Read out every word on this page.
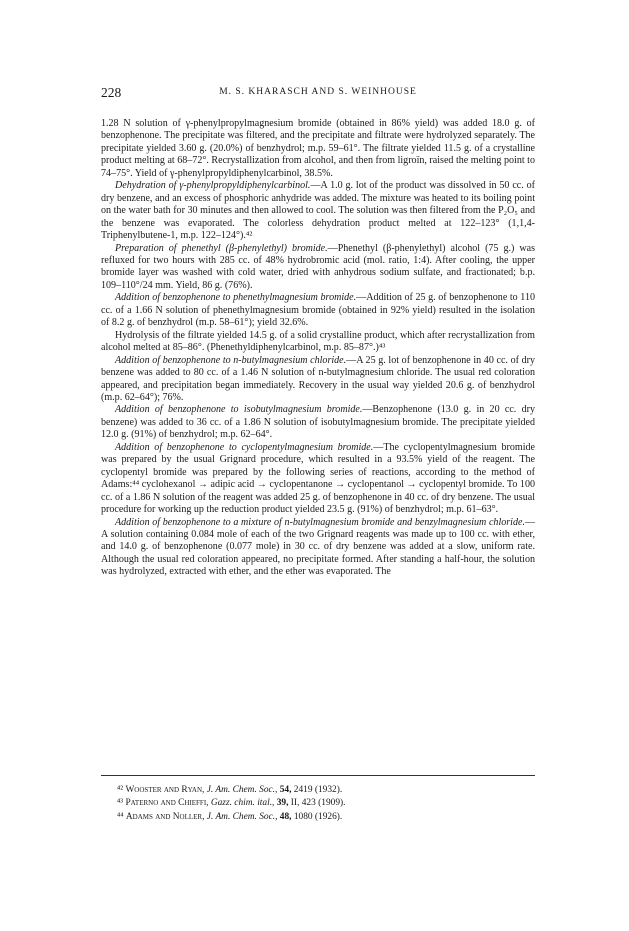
228	M. S. KHARASCH AND S. WEINHOUSE

1.28 N solution of γ-phenylpropylmagnesium bromide (obtained in 86% yield) was added 18.0 g. of benzophenone. The precipitate was filtered, and the precipitate and filtrate were hydrolyzed separately. The precipitate yielded 3.60 g. (20.0%) of benzhydrol; m.p. 59–61°. The filtrate yielded 11.5 g. of a crystalline product melting at 68–72°. Recrystallization from alcohol, and then from ligroïn, raised the melting point to 74–75°. Yield of γ-phenylpropyldiphenylcarbinol, 38.5%.

Dehydration of γ-phenylpropyldiphenylcarbinol.—A 1.0 g. lot of the product was dissolved in 50 cc. of dry benzene, and an excess of phosphoric anhydride was added. The mixture was heated to its boiling point on the water bath for 30 minutes and then allowed to cool. The solution was then filtered from the P₂O₅ and the benzene was evaporated. The colorless dehydration product melted at 122–123° (1,1,4-Triphenylbutene-1, m.p. 122–124°).⁴²

Preparation of phenethyl (β-phenylethyl) bromide.—Phenethyl (β-phenylethyl) alcohol (75 g.) was refluxed for two hours with 285 cc. of 48% hydrobromic acid (mol. ratio, 1:4). After cooling, the upper bromide layer was washed with cold water, dried with anhydrous sodium sulfate, and fractionated; b.p. 109–110°/24 mm. Yield, 86 g. (76%).

Addition of benzophenone to phenethylmagnesium bromide.—Addition of 25 g. of benzophenone to 110 cc. of a 1.66 N solution of phenethylmagnesium bromide (obtained in 92% yield) resulted in the isolation of 8.2 g. of benzhydrol (m.p. 58–61°); yield 32.6%.

Hydrolysis of the filtrate yielded 14.5 g. of a solid crystalline product, which after recrystallization from alcohol melted at 85–86°. (Phenethyldiphenylcarbinol, m.p. 85–87°.)⁴³

Addition of benzophenone to n-butylmagnesium chloride.—A 25 g. lot of benzophenone in 40 cc. of dry benzene was added to 80 cc. of a 1.46 N solution of n-butylmagnesium chloride. The usual red coloration appeared, and precipitation began immediately. Recovery in the usual way yielded 20.6 g. of benzhydrol (m.p. 62–64°); 76%.

Addition of benzophenone to isobutylmagnesium bromide.—Benzophenone (13.0 g. in 20 cc. dry benzene) was added to 36 cc. of a 1.86 N solution of isobutylmagnesium bromide. The precipitate yielded 12.0 g. (91%) of benzhydrol; m.p. 62–64°.

Addition of benzophenone to cyclopentylmagnesium bromide.—The cyclopentylmagnesium bromide was prepared by the usual Grignard procedure, which resulted in a 93.5% yield of the reagent. The cyclopentyl bromide was prepared by the following series of reactions, according to the method of Adams:⁴⁴ cyclohexanol → adipic acid → cyclopentanone → cyclopentanol → cyclopentyl bromide. To 100 cc. of a 1.86 N solution of the reagent was added 25 g. of benzophenone in 40 cc. of dry benzene. The usual procedure for working up the reduction product yielded 23.5 g. (91%) of benzhydrol; m.p. 61–63°.

Addition of benzophenone to a mixture of n-butylmagnesium bromide and benzylmagnesium chloride.—A solution containing 0.084 mole of each of the two Grignard reagents was made up to 100 cc. with ether, and 14.0 g. of benzophenone (0.077 mole) in 30 cc. of dry benzene was added at a slow, uniform rate. Although the usual red coloration appeared, no precipitate formed. After standing a half-hour, the solution was hydrolyzed, extracted with ether, and the ether was evaporated. The

⁴² Wooster and Ryan, J. Am. Chem. Soc., 54, 2419 (1932).
⁴³ Paterno and Chieffi, Gazz. chim. ital., 39, II, 423 (1909).
⁴⁴ Adams and Noller, J. Am. Chem. Soc., 48, 1080 (1926).
